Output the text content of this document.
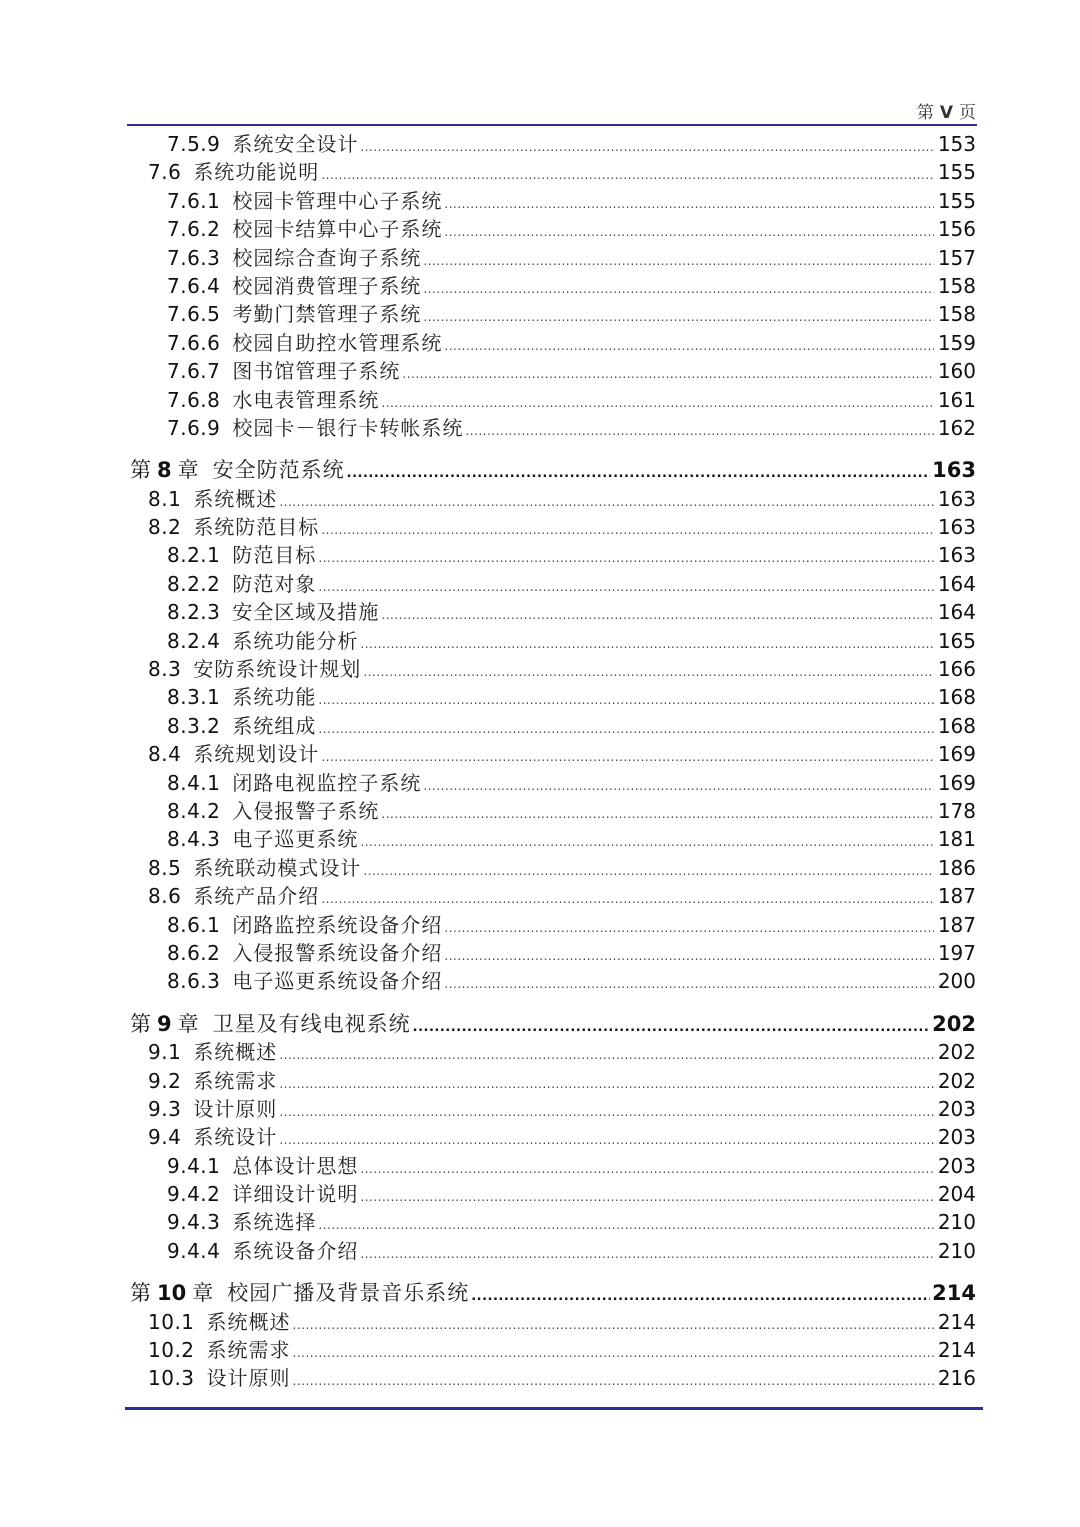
第 V 页
7.5.9 系统安全设计 .....	153
7.6 系统功能说明 .....	155
7.6.1 校园卡管理中心子系统 .....	155
7.6.2 校园卡结算中心子系统 .....	156
7.6.3 校园综合查询子系统 .....	157
7.6.4 校园消费管理子系统 .....	158
7.6.5 考勤门禁管理子系统 .....	158
7.6.6 校园自助控水管理系统 .....	159
7.6.7 图书馆管理子系统 .....	160
7.6.8 水电表管理系统 .....	161
7.6.9 校园卡－银行卡转帐系统 .....	162
第 8 章 安全防范系统 .....	163
8.1 系统概述 .....	163
8.2 系统防范目标 .....	163
8.2.1 防范目标 .....	163
8.2.2 防范对象 .....	164
8.2.3 安全区域及措施 .....	164
8.2.4 系统功能分析 .....	165
8.3 安防系统设计规划 .....	166
8.3.1 系统功能 .....	168
8.3.2 系统组成 .....	168
8.4 系统规划设计 .....	169
8.4.1 闭路电视监控子系统 .....	169
8.4.2 入侵报警子系统 .....	178
8.4.3 电子巡更系统 .....	181
8.5 系统联动模式设计 .....	186
8.6 系统产品介绍 .....	187
8.6.1 闭路监控系统设备介绍 .....	187
8.6.2 入侵报警系统设备介绍 .....	197
8.6.3 电子巡更系统设备介绍 .....	200
第 9 章 卫星及有线电视系统 .....	202
9.1 系统概述 .....	202
9.2 系统需求 .....	202
9.3 设计原则 .....	203
9.4 系统设计 .....	203
9.4.1 总体设计思想 .....	203
9.4.2 详细设计说明 .....	204
9.4.3 系统选择 .....	210
9.4.4 系统设备介绍 .....	210
第 10 章 校园广播及背景音乐系统 .....	214
10.1 系统概述 .....	214
10.2 系统需求 .....	214
10.3 设计原则 .....	216
